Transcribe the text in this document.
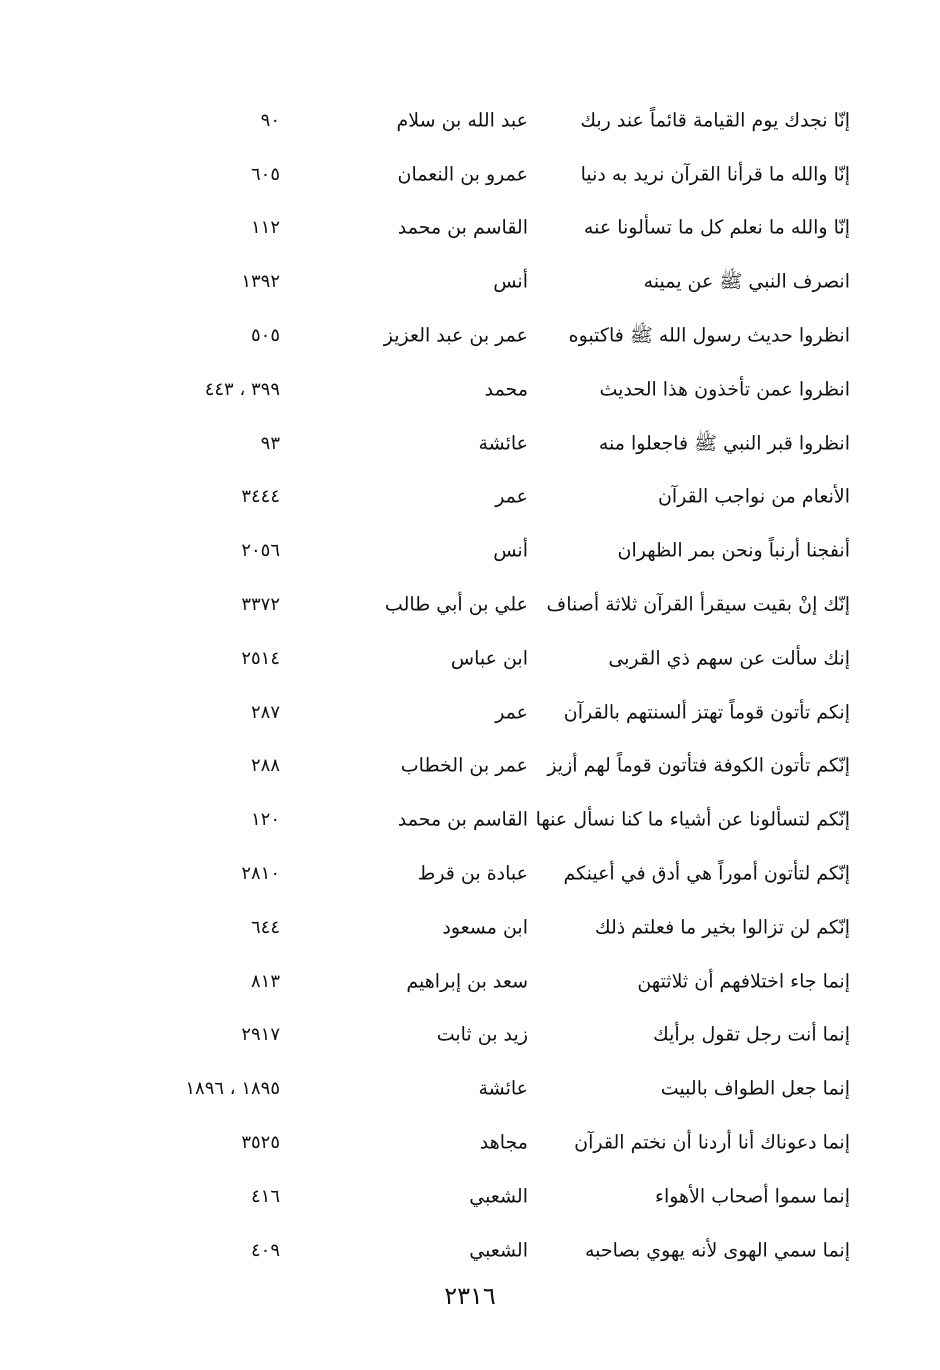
إنّا نجدك يوم القيامة قائماً عند ربك
عبد الله بن سلام
٩٠
إنّا والله ما قرأنا القرآن نريد به دنيا
عمرو بن النعمان
٦٠٥
إنّا والله ما نعلم كل ما تسألونا عنه
القاسم بن محمد
١١٢
انصرف النبي ﷺ عن يمينه
أنس
١٣٩٢
انظروا حديث رسول الله ﷺ فاكتبوه
عمر بن عبد العزيز
٥٠٥
انظروا عمن تأخذون هذا الحديث
محمد
٣٩٩ ، ٤٤٣
انظروا قبر النبي ﷺ فاجعلوا منه
عائشة
٩٣
الأنعام من نواجب القرآن
عمر
٣٤٤٤
أنفجنا أرنباً ونحن بمر الظهران
أنس
٢٠٥٦
إنّك إنْ بقيت سيقرأ القرآن ثلاثة أصناف
علي بن أبي طالب
٣٣٧٢
إنك سألت عن سهم ذي القربى
ابن عباس
٢٥١٤
إنكم تأتون قوماً تهتز ألسنتهم بالقرآن
عمر
٢٨٧
إنّكم تأتون الكوفة فتأتون قوماً لهم أزيز
عمر بن الخطاب
٢٨٨
إنّكم لتسألونا عن أشياء ما كنا نسأل عنها
القاسم بن محمد
١٢٠
إنّكم لتأتون أموراً هي أدق في أعينكم
عبادة بن قرط
٢٨١٠
إنّكم لن تزالوا بخير ما فعلتم ذلك
ابن مسعود
٦٤٤
إنما جاء اختلافهم أن ثلاثتهن
سعد بن إبراهيم
٨١٣
إنما أنت رجل تقول برأيك
زيد بن ثابت
٢٩١٧
إنما جعل الطواف بالبيت
عائشة
١٨٩٥ ، ١٨٩٦
إنما دعوناك أنا أردنا أن نختم القرآن
مجاهد
٣٥٢٥
إنما سموا أصحاب الأهواء
الشعبي
٤١٦
إنما سمي الهوى لأنه يهوي بصاحبه
الشعبي
٤٠٩
٢٣١٦
